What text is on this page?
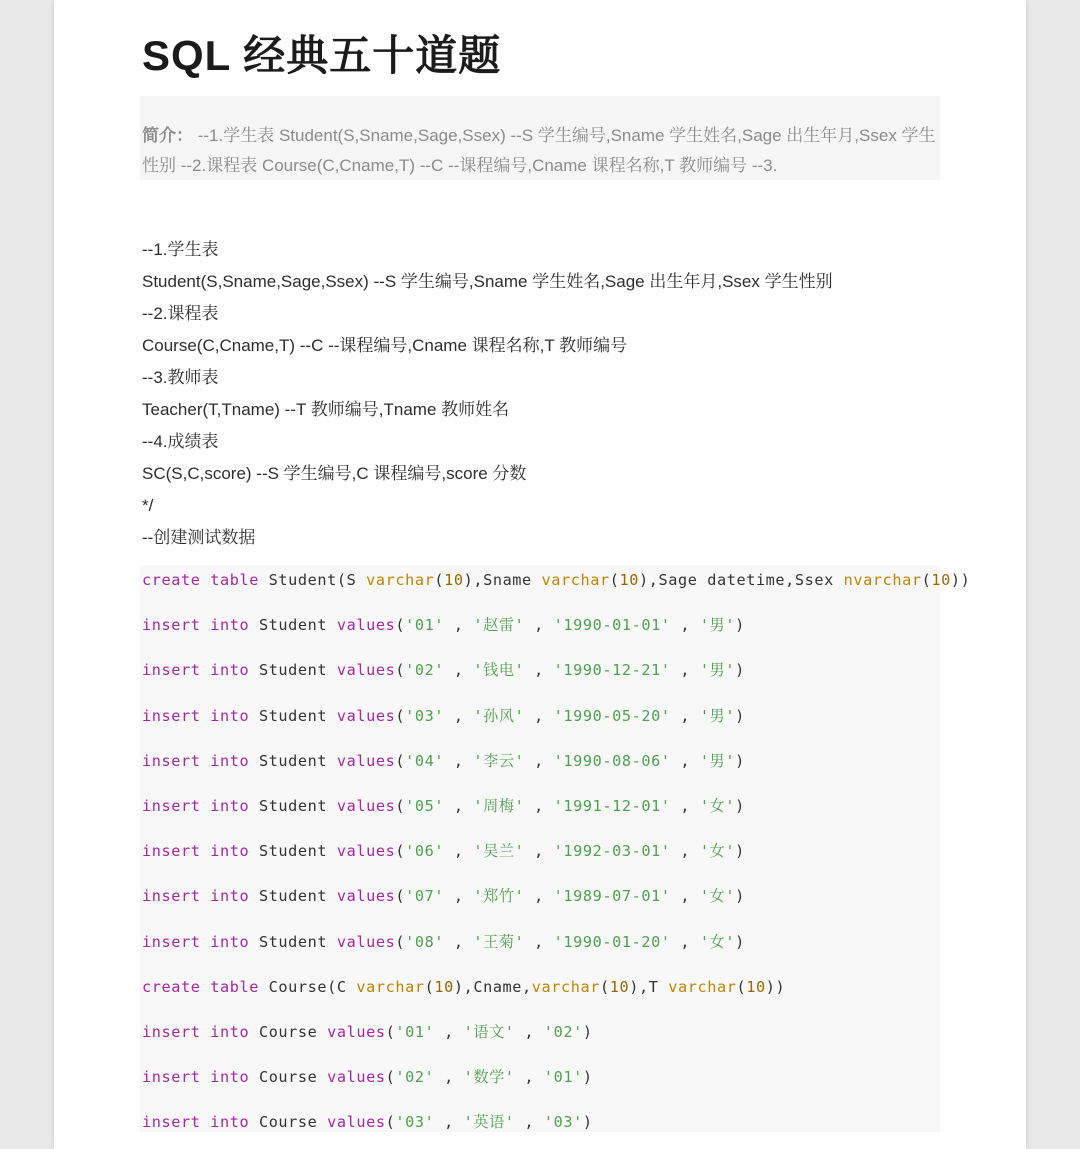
SQL 经典五十道题
简介： --1.学生表 Student(S,Sname,Sage,Ssex) --S 学生编号,Sname 学生姓名,Sage 出生年月,Ssex 学生性别 --2.课程表 Course(C,Cname,T) --C --课程编号,Cname 课程名称,T 教师编号 --3.
--1.学生表
Student(S,Sname,Sage,Ssex) --S 学生编号,Sname 学生姓名,Sage 出生年月,Ssex 学生性别
--2.课程表
Course(C,Cname,T) --C --课程编号,Cname 课程名称,T 教师编号
--3.教师表
Teacher(T,Tname) --T 教师编号,Tname 教师姓名
--4.成绩表
SC(S,C,score) --S 学生编号,C 课程编号,score 分数
*/
--创建测试数据
create table Student(S varchar(10),Sname varchar(10),Sage datetime,Ssex nvarchar(10))
insert into Student values('01' , '赵雷' , '1990-01-01' , '男')
insert into Student values('02' , '钱电' , '1990-12-21' , '男')
insert into Student values('03' , '孙风' , '1990-05-20' , '男')
insert into Student values('04' , '李云' , '1990-08-06' , '男')
insert into Student values('05' , '周梅' , '1991-12-01' , '女')
insert into Student values('06' , '吴兰' , '1992-03-01' , '女')
insert into Student values('07' , '郑竹' , '1989-07-01' , '女')
insert into Student values('08' , '王菊' , '1990-01-20' , '女')
create table Course(C varchar(10),Cname,varchar(10),T varchar(10))
insert into Course values('01' , '语文' , '02')
insert into Course values('02' , '数学' , '01')
insert into Course values('03' , '英语' , '03')
